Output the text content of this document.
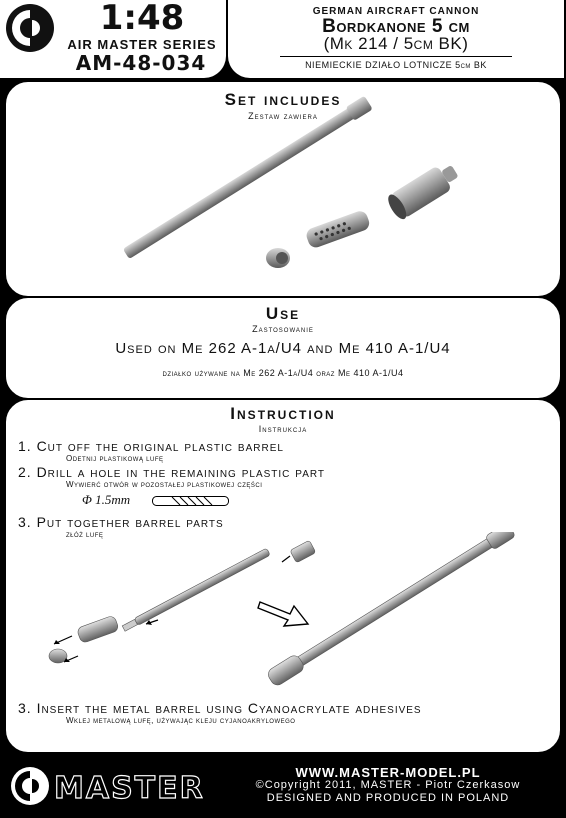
1:48
AIR MASTER SERIES
AM-48-034
GERMAN AIRCRAFT CANNON
Bordkanone 5 cm
(Mk 214 / 5cm BK)
NIEMIECKIE DZIAŁO LOTNICZE 5cm BK
Set includes
Zestaw zawiera
Use
Zastosowanie
Used on Me 262 A-1a/U4 and Me 410 A-1/U4
działko używane na Me 262 A-1a/U4 oraz Me 410 A-1/U4
Instruction
Instrukcja
1. Cut off the original plastic barrel
Odetnij plastikową lufę
2. Drill a hole in the remaining plastic part
Wywierć otwór w pozostałej plastikowej części
Φ 1.5mm
3. Put together barrel parts
złóż lufę
3. Insert the metal barrel using Cyanoacrylate adhesives
Wklej metalową lufę, używając kleju cyjanoakrylowego
MASTER	WWW.MASTER-MODEL.PL
©Copyright 2011, MASTER - Piotr Czerkasow
DESIGNED AND PRODUCED IN POLAND
